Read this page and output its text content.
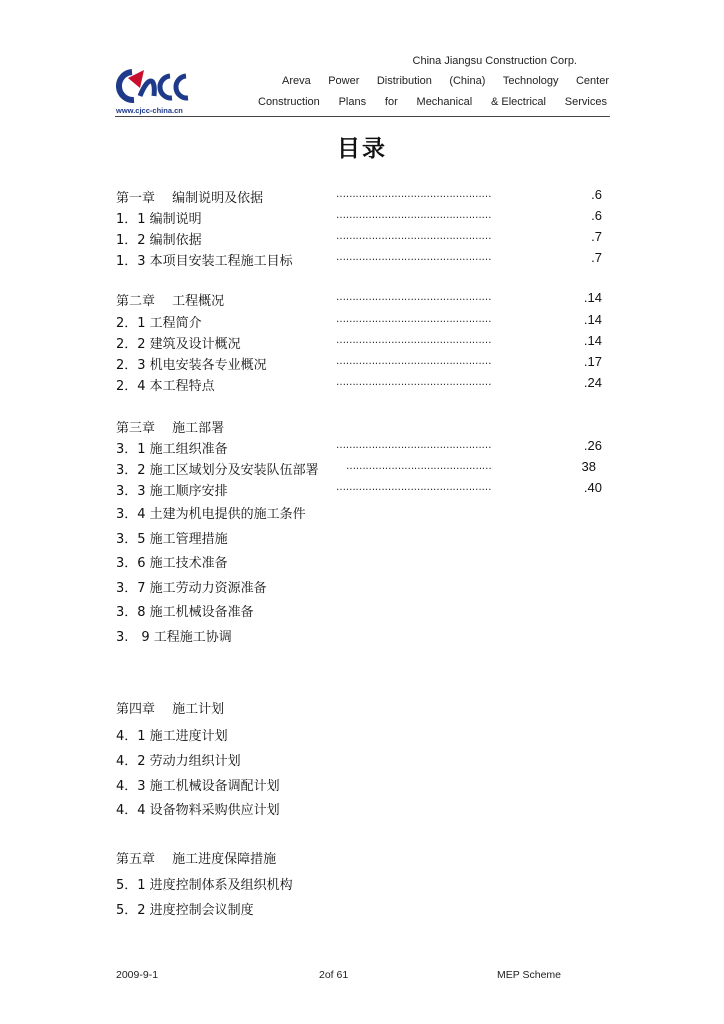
www.cjcc-china.cn
China Jiangsu Construction Corp.
Areva Power Distribution (China) Technology Center
Construction Plans for Mechanical & Electrical Services
目录
第一章　 编制说明及依据	…………………………………………	.6
1．1 编制说明	…………………………………………	.6
1．2 编制依据	…………………………………………	.7
1．3 本项目安装工程施工目标	…………………………………………	.7
第二章　 工程概况	…………………………………………	.14
2．1 工程简介	…………………………………………	.14
2．2 建筑及设计概况	…………………………………………	.14
2．3 机电安装各专业概况	…………………………………………	.17
2．4 本工程特点	…………………………………………	.24
第三章　 施工部署
3．1 施工组织准备	…………………………………………	.26
3．2 施工区域划分及安装队伍部署	………………………………………	38
3．3 施工顺序安排	…………………………………………	.40
3．4 土建为机电提供的施工条件
3．5 施工管理措施
3．6 施工技术准备
3．7 施工劳动力资源准备
3．8 施工机械设备准备
3.　9 工程施工协调
第四章　 施工计划
4．1 施工进度计划
4．2 劳动力组织计划
4．3 施工机械设备调配计划
4．4 设备物料采购供应计划
第五章　 施工进度保障措施
5．1 进度控制体系及组织机构
5．2 进度控制会议制度
2009-9-1	2of 61	MEP Scheme
